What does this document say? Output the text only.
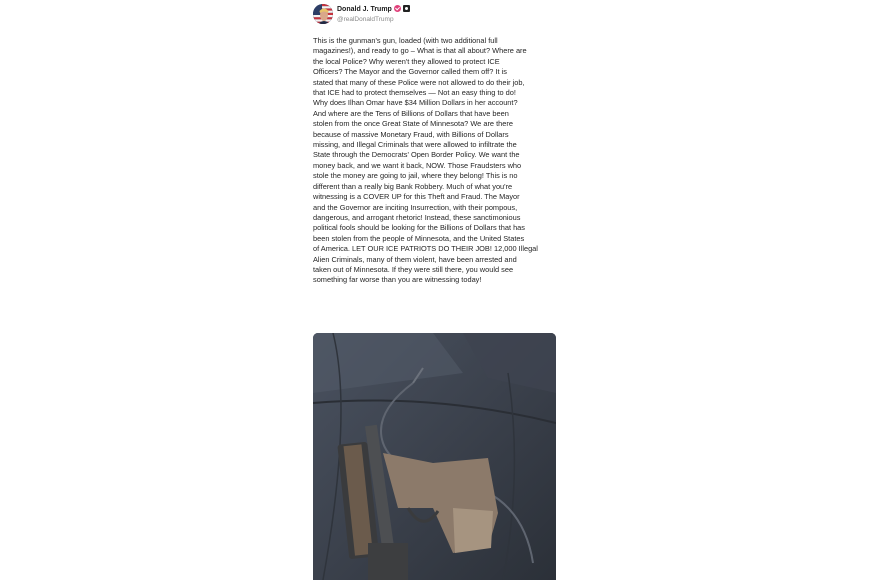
Donald J. Trump
@realDonaldTrump
This is the gunman's gun, loaded (with two additional full
magazines!), and ready to go – What is that all about? Where are
the local Police? Why weren't they allowed to protect ICE
Officers? The Mayor and the Governor called them off? It is
stated that many of these Police were not allowed to do their job,
that ICE had to protect themselves — Not an easy thing to do!
Why does Ilhan Omar have $34 Million Dollars in her account?
And where are the Tens of Billions of Dollars that have been
stolen from the once Great State of Minnesota? We are there
because of massive Monetary Fraud, with Billions of Dollars
missing, and Illegal Criminals that were allowed to infiltrate the
State through the Democrats' Open Border Policy. We want the
money back, and we want it back, NOW. Those Fraudsters who
stole the money are going to jail, where they belong! This is no
different than a really big Bank Robbery. Much of what you're
witnessing is a COVER UP for this Theft and Fraud. The Mayor
and the Governor are inciting Insurrection, with their pompous,
dangerous, and arrogant rhetoric! Instead, these sanctimonious
political fools should be looking for the Billions of Dollars that has
been stolen from the people of Minnesota, and the United States
of America. LET OUR ICE PATRIOTS DO THEIR JOB! 12,000 Illegal
Alien Criminals, many of them violent, have been arrested and
taken out of Minnesota. If they were still there, you would see
something far worse than you are witnessing today!
